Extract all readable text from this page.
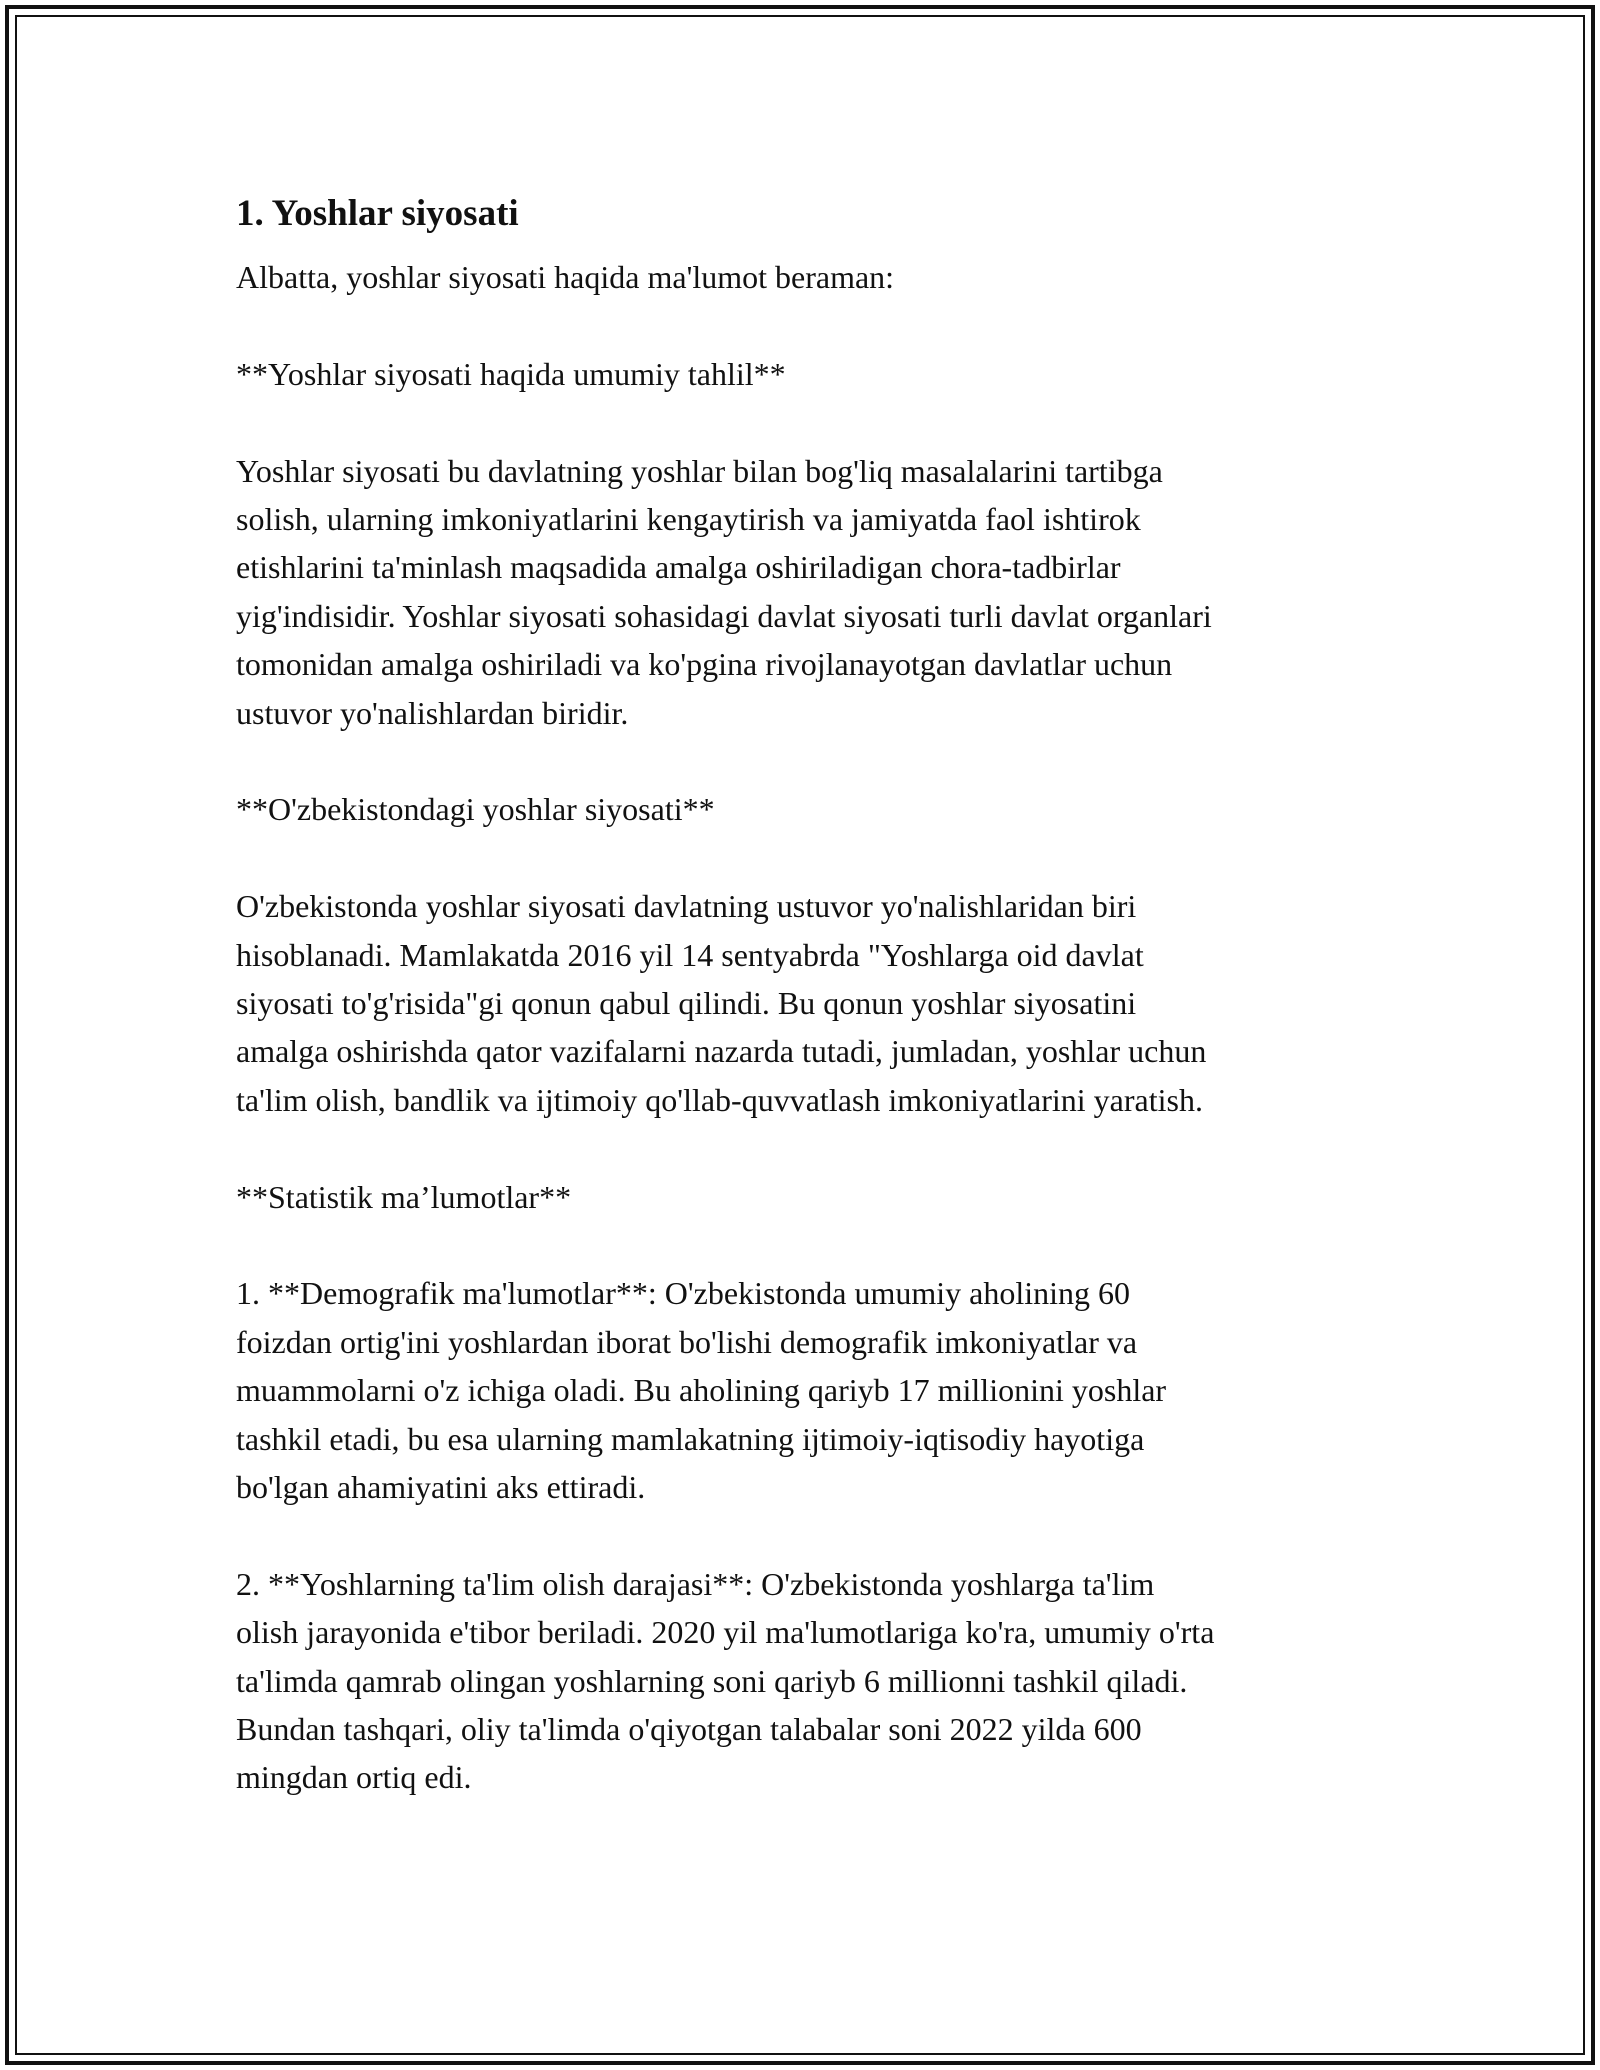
1. Yoshlar siyosati

Albatta, yoshlar siyosati haqida ma'lumot beraman:

**Yoshlar siyosati haqida umumiy tahlil**

Yoshlar siyosati bu davlatning yoshlar bilan bog'liq masalalarini tartibga
solish, ularning imkoniyatlarini kengaytirish va jamiyatda faol ishtirok
etishlarini ta'minlash maqsadida amalga oshiriladigan chora-tadbirlar
yig'indisidir. Yoshlar siyosati sohasidagi davlat siyosati turli davlat organlari
tomonidan amalga oshiriladi va ko'pgina rivojlanayotgan davlatlar uchun
ustuvor yo'nalishlardan biridir.

**O'zbekistondagi yoshlar siyosati**

O'zbekistonda yoshlar siyosati davlatning ustuvor yo'nalishlaridan biri
hisoblanadi. Mamlakatda 2016 yil 14 sentyabrda "Yoshlarga oid davlat
siyosati to'g'risida"gi qonun qabul qilindi. Bu qonun yoshlar siyosatini
amalga oshirishda qator vazifalarni nazarda tutadi, jumladan, yoshlar uchun
ta'lim olish, bandlik va ijtimoiy qo'llab-quvvatlash imkoniyatlarini yaratish.

**Statistik ma’lumotlar**

1. **Demografik ma'lumotlar**: O'zbekistonda umumiy aholining 60
foizdan ortig'ini yoshlardan iborat bo'lishi demografik imkoniyatlar va
muammolarni o'z ichiga oladi. Bu aholining qariyb 17 millionini yoshlar
tashkil etadi, bu esa ularning mamlakatning ijtimoiy-iqtisodiy hayotiga
bo'lgan ahamiyatini aks ettiradi.

2. **Yoshlarning ta'lim olish darajasi**: O'zbekistonda yoshlarga ta'lim
olish jarayonida e'tibor beriladi. 2020 yil ma'lumotlariga ko'ra, umumiy o'rta
ta'limda qamrab olingan yoshlarning soni qariyb 6 millionni tashkil qiladi.
Bundan tashqari, oliy ta'limda o'qiyotgan talabalar soni 2022 yilda 600
mingdan ortiq edi.
